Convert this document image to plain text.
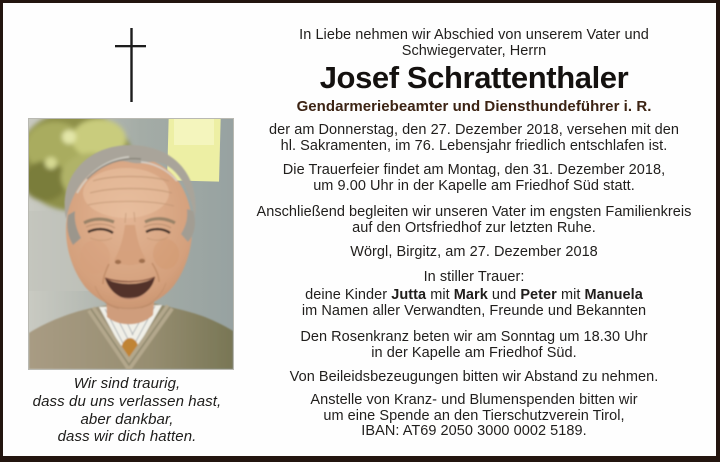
Wir sind traurig,
dass du uns verlassen hast,
aber dankbar,
dass wir dich hatten.
In Liebe nehmen wir Abschied von unserem Vater und
Schwiegervater, Herrn
Josef Schrattenthaler
Gendarmeriebeamter und Diensthundeführer i. R.
der am Donnerstag, den 27. Dezember 2018, versehen mit den
hl. Sakramenten, im 76. Lebensjahr friedlich entschlafen ist.
Die Trauerfeier findet am Montag, den 31. Dezember 2018,
um 9.00 Uhr in der Kapelle am Friedhof Süd statt.
Anschließend begleiten wir unseren Vater im engsten Familienkreis
auf den Ortsfriedhof zur letzten Ruhe.
Wörgl, Birgitz, am 27. Dezember 2018
In stiller Trauer:
deine Kinder Jutta mit Mark und Peter mit Manuela
im Namen aller Verwandten, Freunde und Bekannten
Den Rosenkranz beten wir am Sonntag um 18.30 Uhr
in der Kapelle am Friedhof Süd.
Von Beileidsbezeugungen bitten wir Abstand zu nehmen.
Anstelle von Kranz- und Blumenspenden bitten wir
um eine Spende an den Tierschutzverein Tirol,
IBAN: AT69 2050 3000 0002 5189.
